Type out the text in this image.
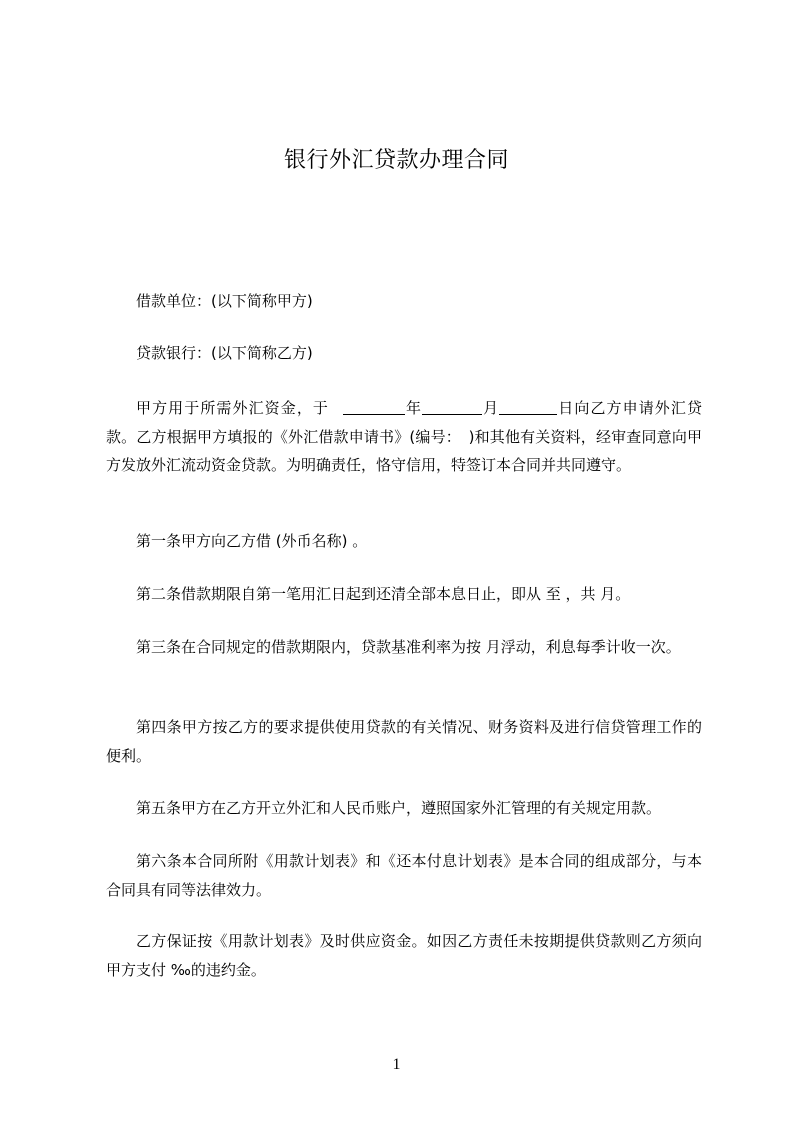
银行外汇贷款办理合同
借款单位：(以下简称甲方)
贷款银行：(以下简称乙方)
甲方用于所需外汇资金，于	年	月	日向乙方申请外汇贷款。乙方根据甲方填报的《外汇借款申请书》(编号：　)和其他有关资料，经审查同意向甲方发放外汇流动资金贷款。为明确责任，恪守信用，特签订本合同并共同遵守。
第一条甲方向乙方借 (外币名称) 。
第二条借款期限自第一笔用汇日起到还清全部本息日止，即从 至 ，共 月。
第三条在合同规定的借款期限内，贷款基准利率为按 月浮动，利息每季计收一次。
第四条甲方按乙方的要求提供使用贷款的有关情况、财务资料及进行信贷管理工作的便利。
第五条甲方在乙方开立外汇和人民币账户，遵照国家外汇管理的有关规定用款。
第六条本合同所附《用款计划表》和《还本付息计划表》是本合同的组成部分，与本合同具有同等法律效力。
乙方保证按《用款计划表》及时供应资金。如因乙方责任未按期提供贷款则乙方须向甲方支付 ‰的违约金。
1
